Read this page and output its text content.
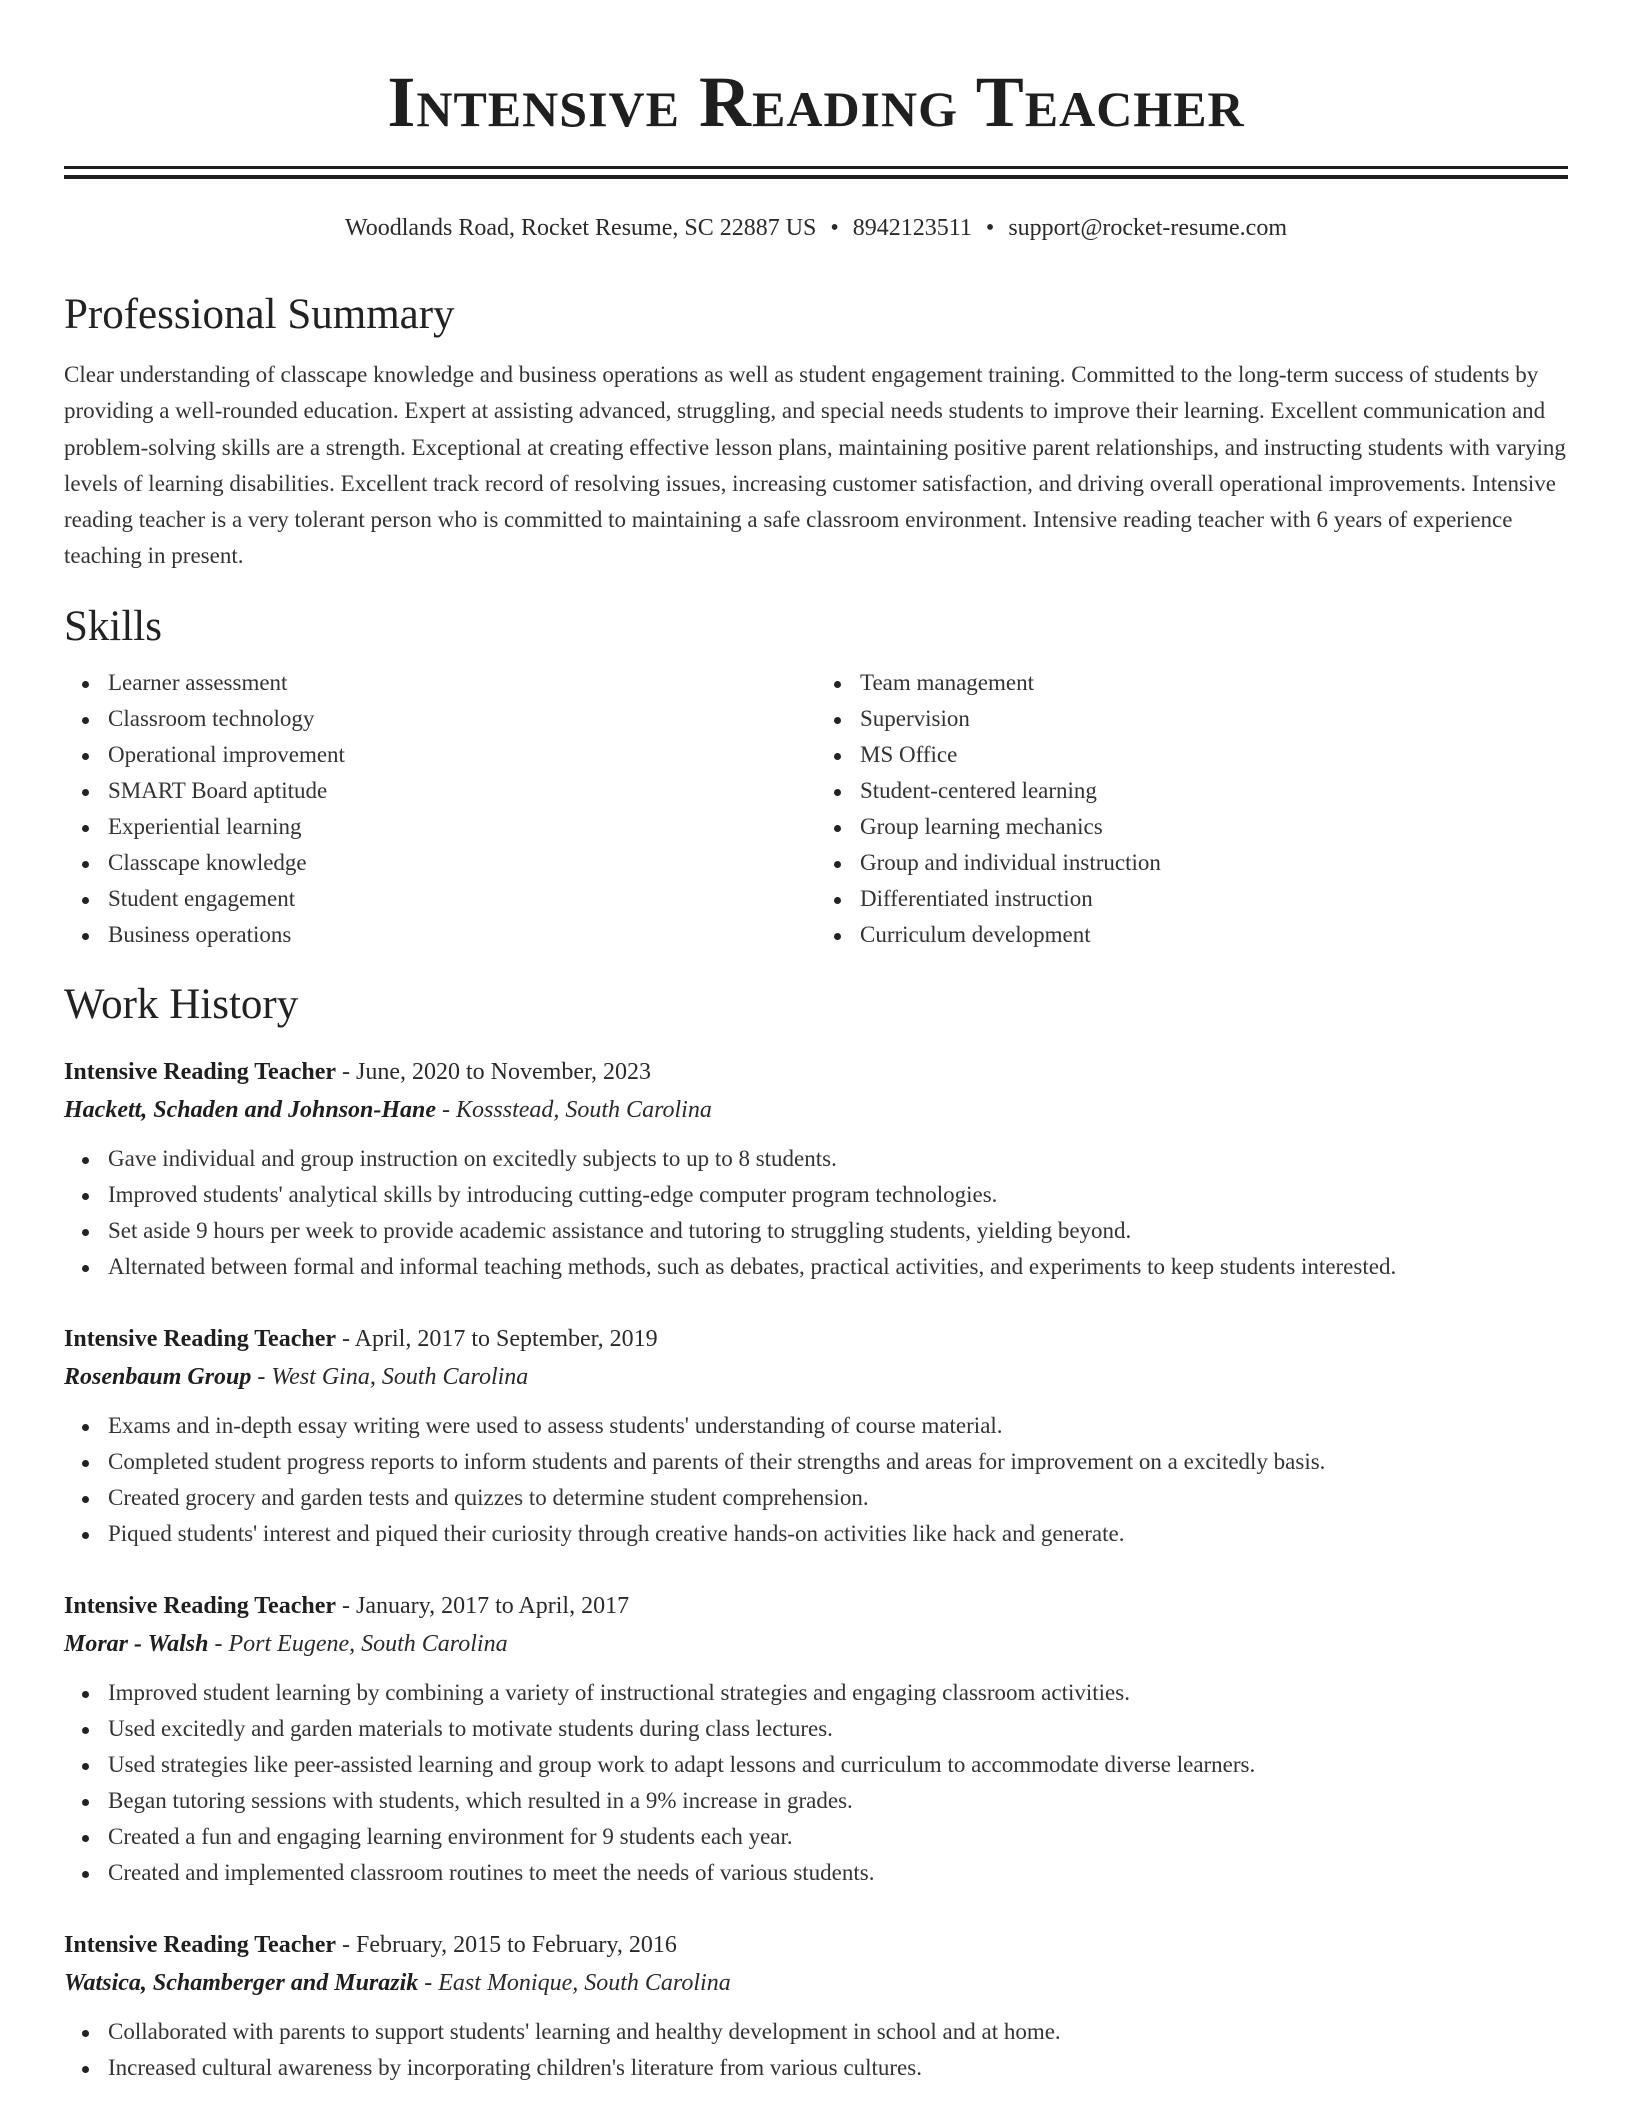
Intensive Reading Teacher
Woodlands Road, Rocket Resume, SC 22887 US • 8942123511 • support@rocket-resume.com
Professional Summary

Clear understanding of classcape knowledge and business operations as well as student engagement training. Committed to the long-term success of students by providing a well-rounded education. Expert at assisting advanced, struggling, and special needs students to improve their learning. Excellent communication and problem-solving skills are a strength. Exceptional at creating effective lesson plans, maintaining positive parent relationships, and instructing students with varying levels of learning disabilities. Excellent track record of resolving issues, increasing customer satisfaction, and driving overall operational improvements. Intensive reading teacher is a very tolerant person who is committed to maintaining a safe classroom environment. Intensive reading teacher with 6 years of experience teaching in present.

Skills
Learner assessment
Classroom technology
Operational improvement
SMART Board aptitude
Experiential learning
Classcape knowledge
Student engagement
Business operations
Team management
Supervision
MS Office
Student-centered learning
Group learning mechanics
Group and individual instruction
Differentiated instruction
Curriculum development
Work History
Intensive Reading Teacher - June, 2020 to November, 2023
Hackett, Schaden and Johnson-Hane - Kossstead, South Carolina
Gave individual and group instruction on excitedly subjects to up to 8 students.
Improved students' analytical skills by introducing cutting-edge computer program technologies.
Set aside 9 hours per week to provide academic assistance and tutoring to struggling students, yielding beyond.
Alternated between formal and informal teaching methods, such as debates, practical activities, and experiments to keep students interested.
Intensive Reading Teacher - April, 2017 to September, 2019
Rosenbaum Group - West Gina, South Carolina
Exams and in-depth essay writing were used to assess students' understanding of course material.
Completed student progress reports to inform students and parents of their strengths and areas for improvement on a excitedly basis.
Created grocery and garden tests and quizzes to determine student comprehension.
Piqued students' interest and piqued their curiosity through creative hands-on activities like hack and generate.
Intensive Reading Teacher - January, 2017 to April, 2017
Morar - Walsh - Port Eugene, South Carolina
Improved student learning by combining a variety of instructional strategies and engaging classroom activities.
Used excitedly and garden materials to motivate students during class lectures.
Used strategies like peer-assisted learning and group work to adapt lessons and curriculum to accommodate diverse learners.
Began tutoring sessions with students, which resulted in a 9% increase in grades.
Created a fun and engaging learning environment for 9 students each year.
Created and implemented classroom routines to meet the needs of various students.
Intensive Reading Teacher - February, 2015 to February, 2016
Watsica, Schamberger and Murazik - East Monique, South Carolina
Collaborated with parents to support students' learning and healthy development in school and at home.
Increased cultural awareness by incorporating children's literature from various cultures.
